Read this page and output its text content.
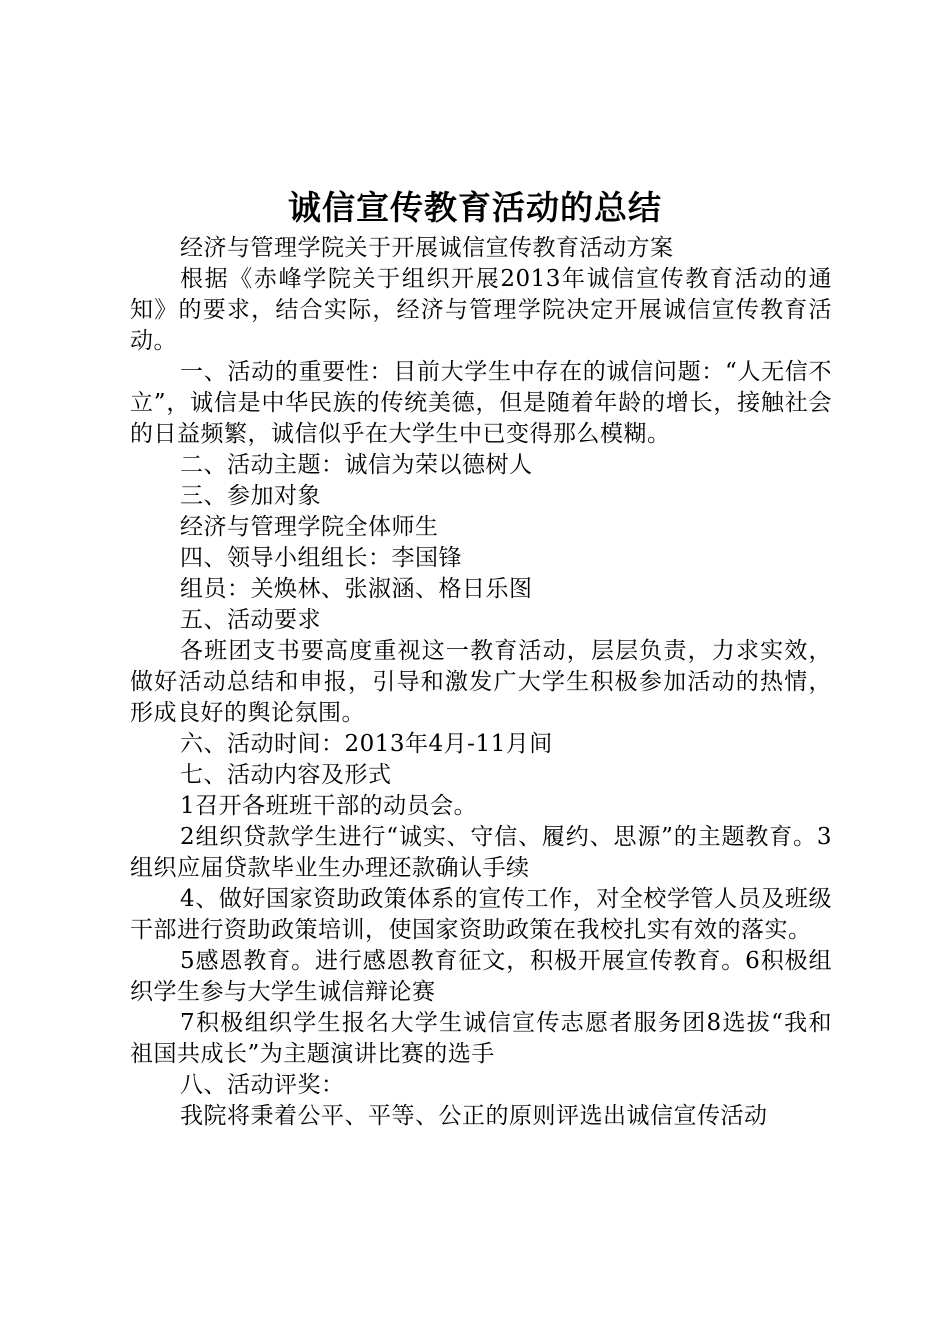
诚信宣传教育活动的总结

经济与管理学院关于开展诚信宣传教育活动方案

根据《赤峰学院关于组织开展2013年诚信宣传教育活动的通知》的要求，结合实际，经济与管理学院决定开展诚信宣传教育活动。

一、活动的重要性：目前大学生中存在的诚信问题：“人无信不立”，诚信是中华民族的传统美德，但是随着年龄的增长，接触社会的日益频繁，诚信似乎在大学生中已变得那么模糊。

二、活动主题：诚信为荣以德树人

三、参加对象

经济与管理学院全体师生

四、领导小组组长：李国锋

组员：关焕林、张淑涵、格日乐图

五、活动要求

各班团支书要高度重视这一教育活动，层层负责，力求实效，做好活动总结和申报，引导和激发广大学生积极参加活动的热情，形成良好的舆论氛围。

六、活动时间：2013年4月-11月间

七、活动内容及形式

1召开各班班干部的动员会。

2组织贷款学生进行“诚实、守信、履约、思源”的主题教育。3组织应届贷款毕业生办理还款确认手续

4、做好国家资助政策体系的宣传工作，对全校学管人员及班级干部进行资助政策培训，使国家资助政策在我校扎实有效的落实。

5感恩教育。进行感恩教育征文，积极开展宣传教育。6积极组织学生参与大学生诚信辩论赛

7积极组织学生报名大学生诚信宣传志愿者服务团8选拔“我和祖国共成长”为主题演讲比赛的选手

八、活动评奖：

我院将秉着公平、平等、公正的原则评选出诚信宣传活动
